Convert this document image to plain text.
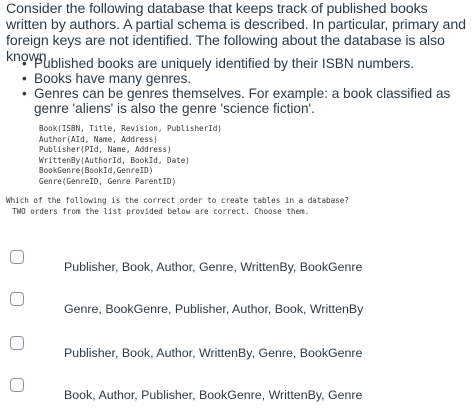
Consider the following database that keeps track of published books written by authors. A partial schema is described. In particular, primary and foreign keys are not identified. The following about the database is also known

• Published books are uniquely identified by their ISBN numbers.
• Books have many genres.
• Genres can be genres themselves. For example: a book classified as genre 'aliens' is also the genre 'science fiction'.
Book(ISBN, Title, Revision, PublisherId)
Author(AId, Name, Address)
Publisher(PId, Name, Address)
WrittenBy(AuthorId, BookId, Date)
BookGenre(BookId,GenreID)
Genre(GenreID, Genre ParentID)

Which of the following is the correct order to create tables in a database?
TWO orders from the list provided below are correct. Choose them.

Publisher, Book, Author, Genre, WrittenBy, BookGenre
Genre, BookGenre, Publisher, Author, Book, WrittenBy
Publisher, Book, Author, WrittenBy, Genre, BookGenre
Book, Author, Publisher, BookGenre, WrittenBy, Genre
